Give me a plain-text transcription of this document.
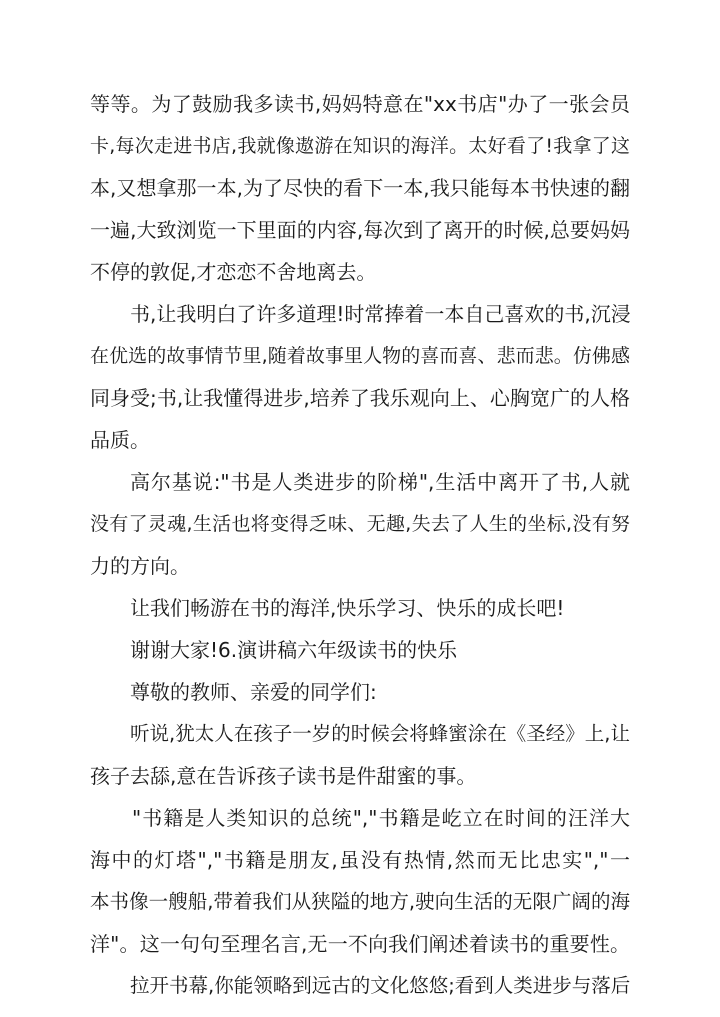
等等。为了鼓励我多读书,妈妈特意在"xx书店"办了一张会员
卡,每次走进书店,我就像遨游在知识的海洋。太好看了!我拿了这
本,又想拿那一本,为了尽快的看下一本,我只能每本书快速的翻
一遍,大致浏览一下里面的内容,每次到了离开的时候,总要妈妈
不停的敦促,才恋恋不舍地离去。
书,让我明白了许多道理!时常捧着一本自己喜欢的书,沉浸
在优选的故事情节里,随着故事里人物的喜而喜、悲而悲。仿佛感
同身受;书,让我懂得进步,培养了我乐观向上、心胸宽广的人格
品质。
高尔基说:"书是人类进步的阶梯",生活中离开了书,人就
没有了灵魂,生活也将变得乏味、无趣,失去了人生的坐标,没有努
力的方向。
让我们畅游在书的海洋,快乐学习、快乐的成长吧!
谢谢大家!6.演讲稿六年级读书的快乐
尊敬的教师、亲爱的同学们:
听说,犹太人在孩子一岁的时候会将蜂蜜涂在《圣经》上,让
孩子去舔,意在告诉孩子读书是件甜蜜的事。
"书籍是人类知识的总统","书籍是屹立在时间的汪洋大
海中的灯塔","书籍是朋友,虽没有热情,然而无比忠实","一
本书像一艘船,带着我们从狭隘的地方,驶向生活的无限广阔的海
洋"。这一句句至理名言,无一不向我们阐述着读书的重要性。
拉开书幕,你能领略到远古的文化悠悠;看到人类进步与落后
